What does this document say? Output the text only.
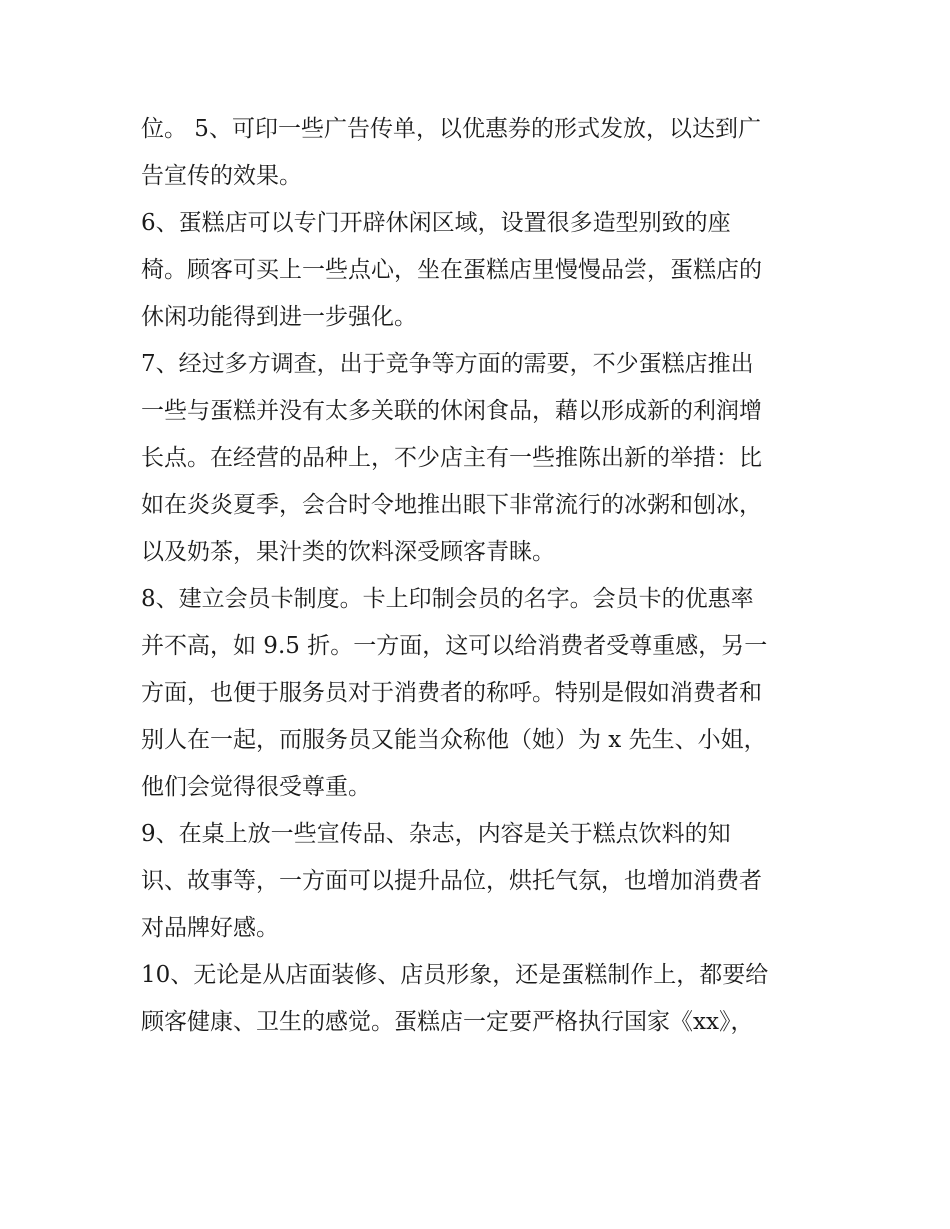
位。 5、可印一些广告传单，以优惠券的形式发放，以达到广
告宣传的效果。
6、蛋糕店可以专门开辟休闲区域，设置很多造型别致的座
椅。顾客可买上一些点心，坐在蛋糕店里慢慢品尝，蛋糕店的
休闲功能得到进一步强化。
7、经过多方调查，出于竞争等方面的需要，不少蛋糕店推出
一些与蛋糕并没有太多关联的休闲食品，藉以形成新的利润增
长点。在经营的品种上，不少店主有一些推陈出新的举措：比
如在炎炎夏季，会合时令地推出眼下非常流行的冰粥和刨冰，
以及奶茶，果汁类的饮料深受顾客青睐。
8、建立会员卡制度。卡上印制会员的名字。会员卡的优惠率
并不高，如 9.5 折。一方面，这可以给消费者受尊重感，另一
方面，也便于服务员对于消费者的称呼。特别是假如消费者和
别人在一起，而服务员又能当众称他（她）为 x 先生、小姐，
他们会觉得很受尊重。
9、在桌上放一些宣传品、杂志，内容是关于糕点饮料的知
识、故事等，一方面可以提升品位，烘托气氛，也增加消费者
对品牌好感。
10、无论是从店面装修、店员形象，还是蛋糕制作上，都要给
顾客健康、卫生的感觉。蛋糕店一定要严格执行国家《xx》，
